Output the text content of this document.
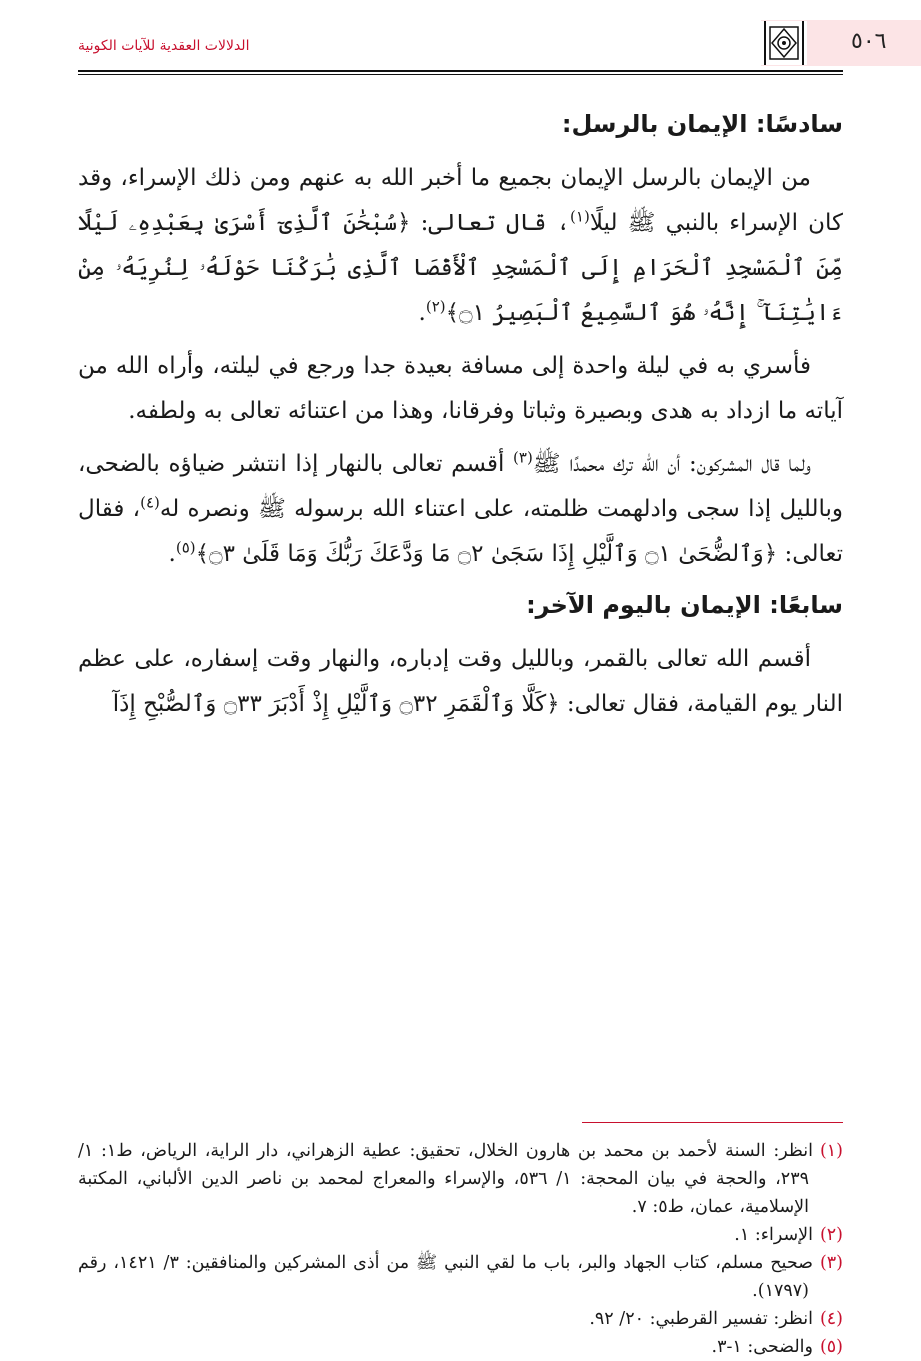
٥٠٦
الدلالات العقدية للآيات الكونية
سادسًا: الإيمان بالرسل:

من الإيمان بالرسل الإيمان بجميع ما أخبر الله به عنهم ومن ذلك الإسراء، وقد كان الإسراء بالنبي ﷺ ليلًا$^{(١)}$، قال تعالى: ﴿سُبْحَٰنَ ٱلَّذِىٓ أَسْرَىٰ بِعَبْدِهِۦ لَيْلًا مِّنَ ٱلْمَسْجِدِ ٱلْحَرَامِ إِلَى ٱلْمَسْجِدِ ٱلْأَقْصَا ٱلَّذِى بَٰرَكْنَا حَوْلَهُۥ لِنُرِيَهُۥ مِنْ ءَايَٰتِنَآ ۚ إِنَّهُۥ هُوَ ٱلسَّمِيعُ ٱلْبَصِيرُ ۝١﴾$^{(٢)}$.

فأسري به في ليلة واحدة إلى مسافة بعيدة جدا ورجع في ليلته، وأراه الله من آياته ما ازداد به هدى وبصيرة وثباتا وفرقانا، وهذا من اعتنائه تعالى به ولطفه.

ولما قال المشركون: أن الله ترك محمدًا ﷺ$^{(٣)}$ أقسم تعالى بالنهار إذا انتشر ضياؤه بالضحى، وبالليل إذا سجى وادلهمت ظلمته، على اعتناء الله برسوله ﷺ ونصره له$^{(٤)}$، فقال تعالى: ﴿وَٱلضُّحَىٰ ۝١ وَٱلَّيْلِ إِذَا سَجَىٰ ۝٢ مَا وَدَّعَكَ رَبُّكَ وَمَا قَلَىٰ ۝٣﴾$^{(٥)}$.

سابعًا: الإيمان باليوم الآخر:

أقسم الله تعالى بالقمر، وبالليل وقت إدباره، والنهار وقت إسفاره، على عظم النار يوم القيامة، فقال تعالى: ﴿كَلَّا وَٱلْقَمَرِ ۝٣٢ وَٱلَّيْلِ إِذْ أَدْبَرَ ۝٣٣ وَٱلصُّبْحِ إِذَآ

(١)انظر: السنة لأحمد بن محمد بن هارون الخلال، تحقيق: عطية الزهراني، دار الراية، الرياض، ط١: ١/ ٢٣٩، والحجة في بيان المحجة: ١/ ٥٣٦، والإسراء والمعراج لمحمد بن ناصر الدين الألباني، المكتبة الإسلامية، عمان، ط٥: ٧.

(٢)الإسراء: ١.

(٣)صحيح مسلم، كتاب الجهاد والبر، باب ما لقي النبي ﷺ من أذى المشركين والمنافقين: ٣/ ١٤٢١، رقم (١٧٩٧).

(٤)انظر: تفسير القرطبي: ٢٠/ ٩٢.

(٥)والضحى: ١-٣.
